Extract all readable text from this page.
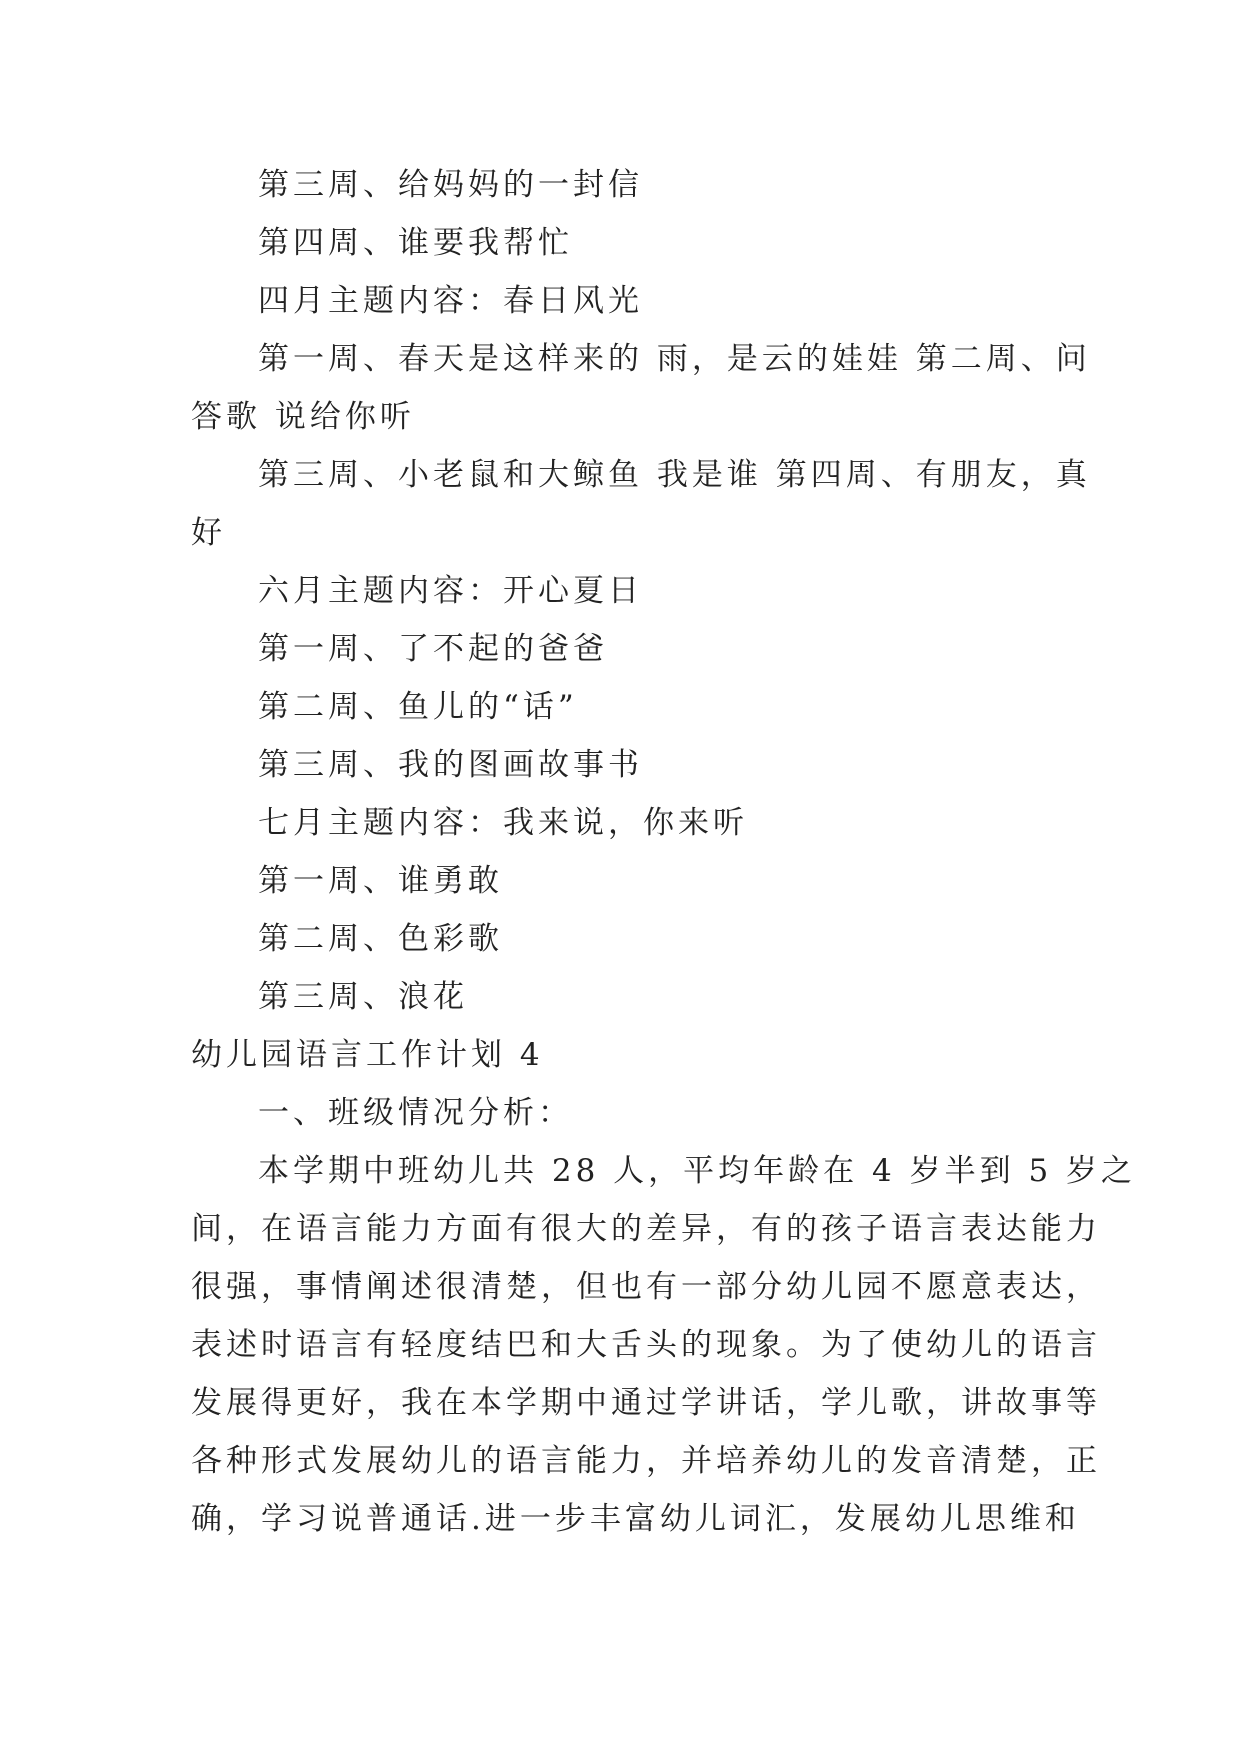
第三周、给妈妈的一封信
第四周、谁要我帮忙
四月主题内容：春日风光
第一周、春天是这样来的 雨，是云的娃娃 第二周、问
答歌 说给你听
第三周、小老鼠和大鲸鱼 我是谁 第四周、有朋友，真
好
六月主题内容：开心夏日
第一周、了不起的爸爸
第二周、鱼儿的“话”
第三周、我的图画故事书
七月主题内容：我来说，你来听
第一周、谁勇敢
第二周、色彩歌
第三周、浪花
幼儿园语言工作计划 4
一、班级情况分析：
本学期中班幼儿共 28 人，平均年龄在 4 岁半到 5 岁之
间，在语言能力方面有很大的差异，有的孩子语言表达能力
很强，事情阐述很清楚，但也有一部分幼儿园不愿意表达，
表述时语言有轻度结巴和大舌头的现象。为了使幼儿的语言
发展得更好，我在本学期中通过学讲话，学儿歌，讲故事等
各种形式发展幼儿的语言能力，并培养幼儿的发音清楚，正
确，学习说普通话.进一步丰富幼儿词汇，发展幼儿思维和
